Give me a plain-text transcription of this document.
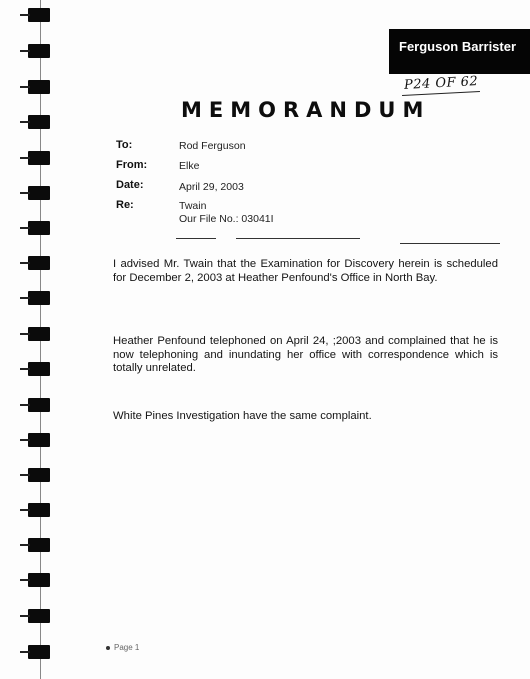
Ferguson Barrister
P24 OF 62
MEMORANDUM
To:	Rod Ferguson
From:	Elke
Date:	April 29, 2003
Re:	Twain
Our File No.: 03041I
I advised Mr. Twain that the Examination for Discovery herein is scheduled for December 2, 2003 at Heather Penfound's Office in North Bay.
Heather Penfound telephoned on April 24, ;2003 and complained that he is now telephoning and inundating her office with correspondence which is totally unrelated.
White Pines Investigation have the same complaint.
Page 1
